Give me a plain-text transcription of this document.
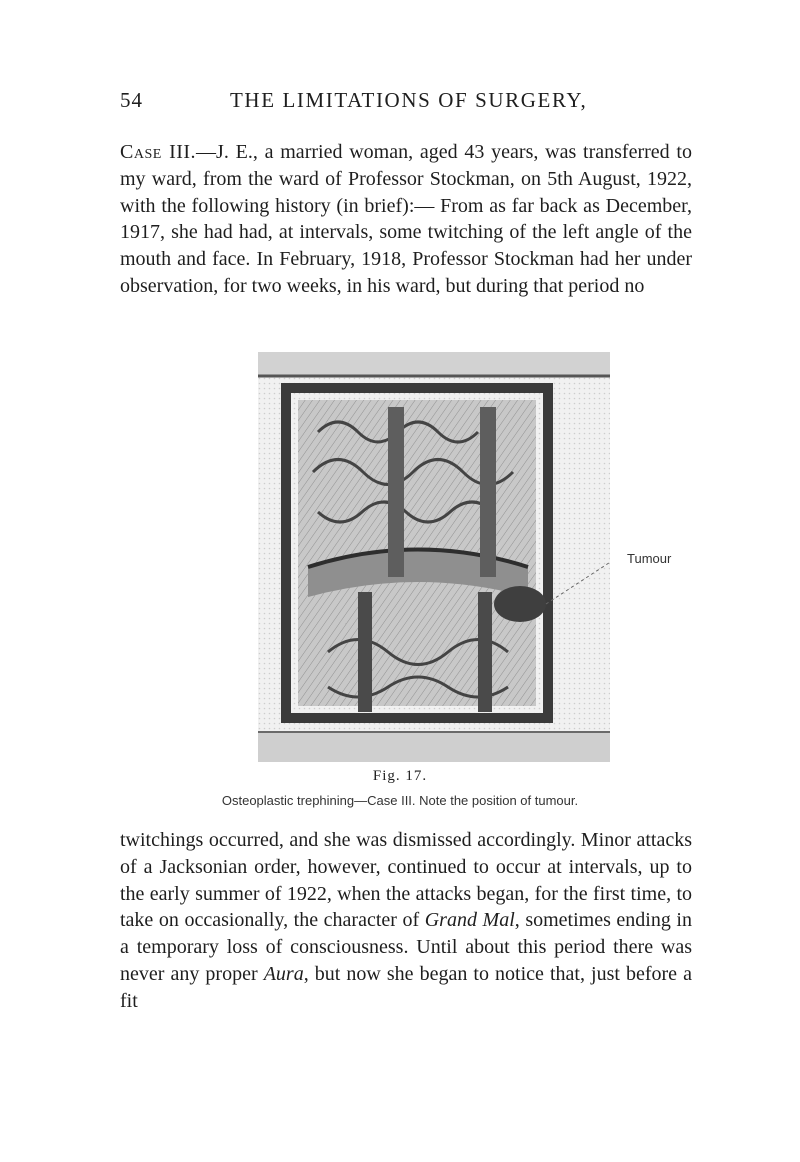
54	THE LIMITATIONS OF SURGERY,

Case III.—J. E., a married woman, aged 43 years, was transferred to my ward, from the ward of Professor Stockman, on 5th August, 1922, with the following history (in brief):— From as far back as December, 1917, she had had, at intervals, some twitching of the left angle of the mouth and face. In February, 1918, Professor Stockman had her under observation, for two weeks, in his ward, but during that period no

Tumour
Fig. 17.
Osteoplastic trephining—Case III. Note the position of tumour.

twitchings occurred, and she was dismissed accordingly. Minor attacks of a Jacksonian order, however, continued to occur at intervals, up to the early summer of 1922, when the attacks began, for the first time, to take on occasionally, the character of Grand Mal, sometimes ending in a temporary loss of consciousness. Until about this period there was never any proper Aura, but now she began to notice that, just before a fit
